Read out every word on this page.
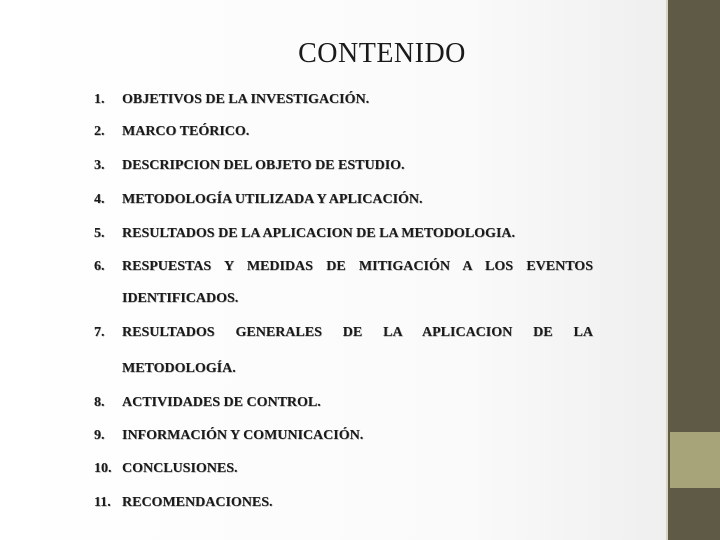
CONTENIDO
1. OBJETIVOS DE LA INVESTIGACIÓN.
2. MARCO TEÓRICO.
3. DESCRIPCION DEL OBJETO DE ESTUDIO.
4. METODOLOGÍA UTILIZADA Y APLICACIÓN.
5. RESULTADOS DE LA APLICACION DE LA METODOLOGIA.
6. RESPUESTAS Y MEDIDAS DE MITIGACIÓN A LOS EVENTOS
IDENTIFICADOS.
7. RESULTADOS GENERALES DE LA APLICACION DE LA
METODOLOGÍA.
8. ACTIVIDADES DE CONTROL.
9. INFORMACIÓN Y COMUNICACIÓN.
10. CONCLUSIONES.
11. RECOMENDACIONES.
